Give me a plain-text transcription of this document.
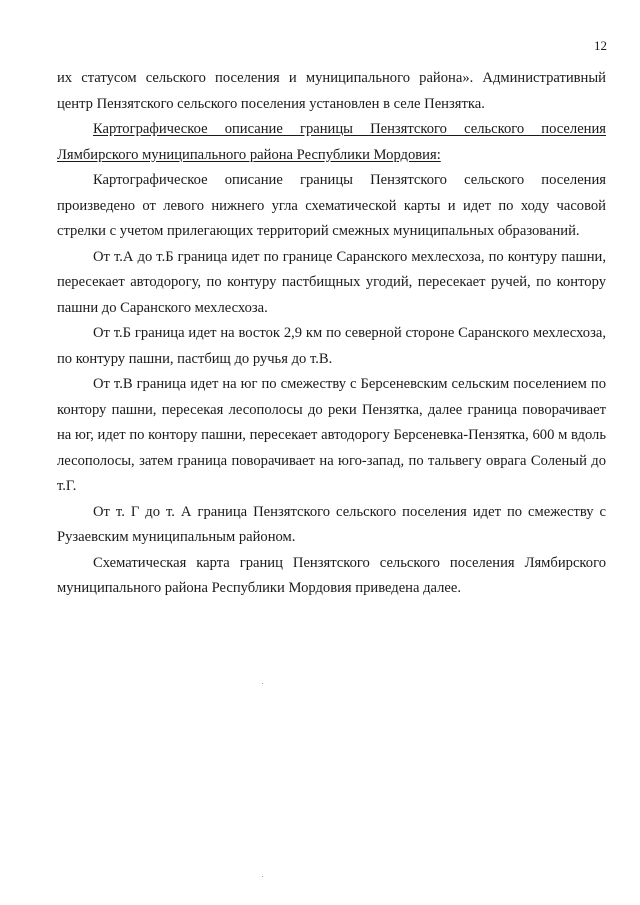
12

их статусом сельского поселения и муниципального района». Административный центр Пензятского сельского поселения установлен в селе Пензятка.

Картографическое описание границы Пензятского сельского поселения Лямбирского муниципального района Республики Мордовия:

Картографическое описание границы Пензятского сельского поселения произведено от левого нижнего угла схематической карты и идет по ходу часовой стрелки с учетом прилегающих территорий смежных муниципальных образований.

От т.А до т.Б граница идет по границе Саранского мехлесхоза, по контуру пашни, пересекает автодорогу, по контуру пастбищных угодий, пересекает ручей, по контору пашни до Саранского мехлесхоза.

От т.Б граница идет на восток 2,9 км по северной стороне Саранского мехлесхоза, по контуру пашни, пастбищ до ручья до т.В.

От т.В граница идет на юг по смежеству с Берсеневским сельским поселением по контору пашни, пересекая лесополосы до реки Пензятка, далее граница поворачивает на юг, идет по контору пашни, пересекает автодорогу Берсеневка-Пензятка, 600 м вдоль лесополосы, затем граница поворачивает на юго-запад, по тальвегу оврага Соленый до т.Г.

От т. Г до т. А граница Пензятского сельского поселения идет по смежеству с Рузаевским муниципальным районом.

Схематическая карта границ Пензятского сельского поселения Лямбирского муниципального района Республики Мордовия приведена далее.
